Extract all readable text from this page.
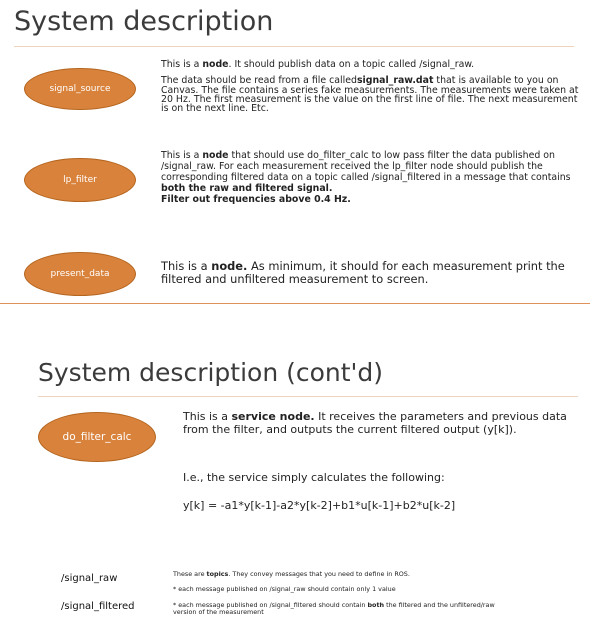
System description
signal_source

This is a node. It should publish data on a topic called /signal_raw.

The data should be read from a file calledsignal_raw.dat that is available to you on Canvas. The file contains a series fake measurements. The measurements were taken at 20 Hz. The first measurement is the value on the first line of file. The next measurement is on the next line. Etc.

lp_filter

This is a node that should use do_filter_calc to low pass filter the data published on /signal_raw. For each measurement received the lp_filter node should publish the corresponding filtered data on a topic called /signal_filtered in a message that contains both the raw and filtered signal.

Filter out frequencies above 0.4 Hz.

present_data

This is a node. As minimum, it should for each measurement print the filtered and unfiltered measurement to screen.

System description (cont'd)
do_filter_calc

This is a service node. It receives the parameters and previous data from the filter, and outputs the current filtered output (y[k]).

I.e., the service simply calculates the following:

y[k] = -a1*y[k-1]-a2*y[k-2]+b1*u[k-1]+b2*u[k-2]

/signal_raw
/signal_filtered
These are topics. They convey messages that you need to define in ROS.
* each message published on /signal_raw should contain only 1 value
* each message published on /signal_filtered should contain both the filtered and the unfiltered/raw version of the measurement
